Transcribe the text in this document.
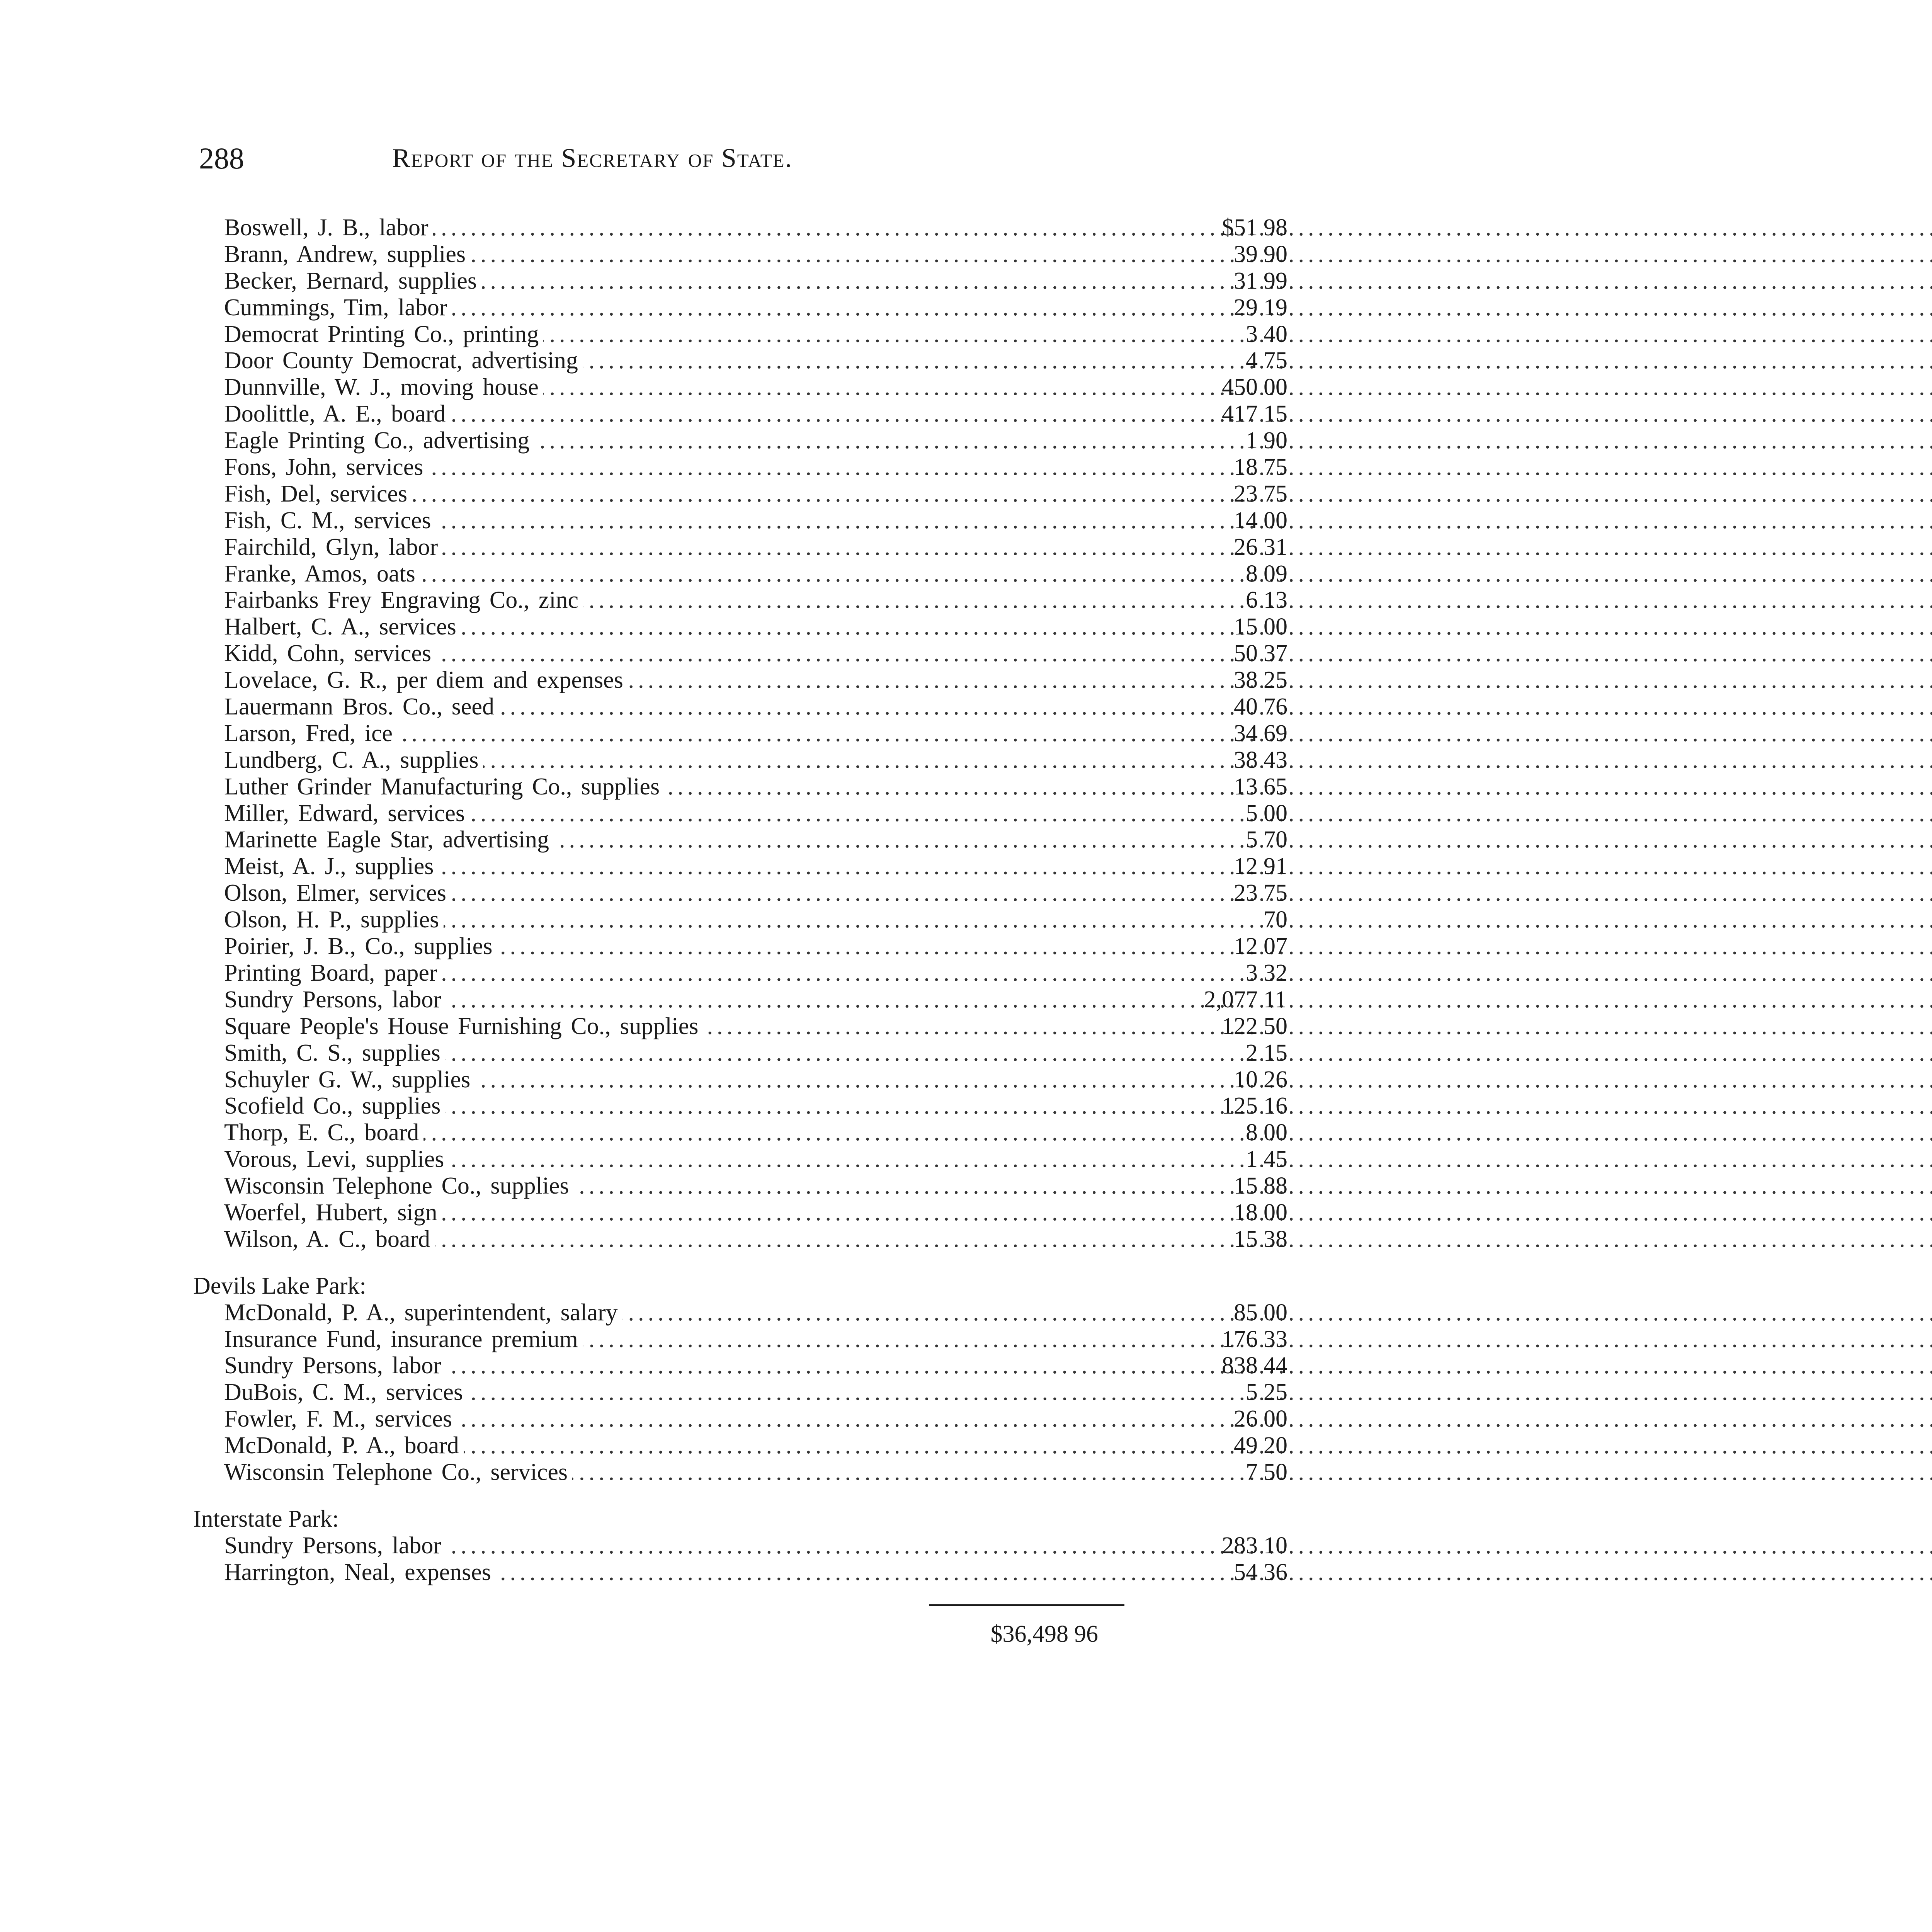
288	Report of the Secretary of State.
.....
Boswell, J. B., labor	$51 98
.....
Brann, Andrew, supplies	39 90
.....
Becker, Bernard, supplies	31 99
.....
Cummings, Tim, labor	29 19
.....
Democrat Printing Co., printing	3 40
.....
Door County Democrat, advertising	4 75
.....
Dunnville, W. J., moving house	450 00
.....
Doolittle, A. E., board	417 15
.....
Eagle Printing Co., advertising	1 90
.....
Fons, John, services	18 75
.....
Fish, Del, services	23 75
.....
Fish, C. M., services	14 00
.....
Fairchild, Glyn, labor	26 31
.....
Franke, Amos, oats	8 09
.....
Fairbanks Frey Engraving Co., zinc	6 13
.....
Halbert, C. A., services	15 00
.....
Kidd, Cohn, services	50 37
.....
Lovelace, G. R., per diem and expenses	38 25
.....
Lauermann Bros. Co., seed	40 76
.....
Larson, Fred, ice	34 69
.....
Lundberg, C. A., supplies	38 43
.....
Luther Grinder Manufacturing Co., supplies	13 65
.....
Miller, Edward, services	5 00
.....
Marinette Eagle Star, advertising	5 70
.....
Meist, A. J., supplies	12 91
.....
Olson, Elmer, services	23 75
.....
Olson, H. P., supplies	70
.....
Poirier, J. B., Co., supplies	12 07
.....
Printing Board, paper	3 32
.....
Sundry Persons, labor	2,077 11
.....
Square People's House Furnishing Co., supplies	122 50
.....
Smith, C. S., supplies	2 15
.....
Schuyler G. W., supplies	10 26
.....
Scofield Co., supplies	125 16
.....
Thorp, E. C., board	8 00
.....
Vorous, Levi, supplies	1 45
.....
Wisconsin Telephone Co., supplies	15 88
.....
Woerfel, Hubert, sign	18 00
.....
Wilson, A. C., board	15 38
Devils Lake Park:
.....
McDonald, P. A., superintendent, salary	85 00
.....
Insurance Fund, insurance premium	176 33
.....
Sundry Persons, labor	838 44
.....
DuBois, C. M., services	5 25
.....
Fowler, F. M., services	26 00
.....
McDonald, P. A., board	49 20
.....
Wisconsin Telephone Co., services	7 50
Interstate Park:
.....
Sundry Persons, labor	283 10
.....
Harrington, Neal, expenses	54 36
$36,498 96
